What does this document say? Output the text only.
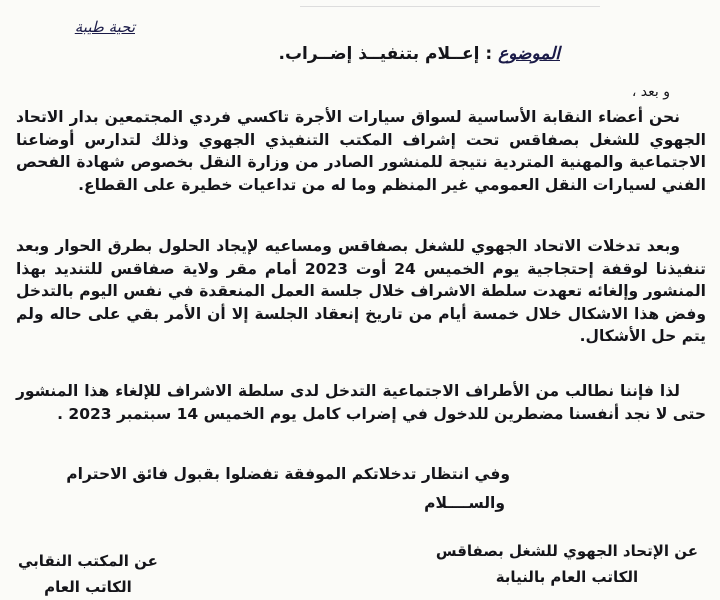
تحية طيبة
الموضوع : إعــلام بتنفيــذ إضــراب.
و بعد ،
نحن أعضاء النقابة الأساسية لسواق سيارات الأجرة تاكسي فردي المجتمعين بدار الاتحاد الجهوي للشغل بصفاقس تحت إشراف المكتب التنفيذي الجهوي وذلك لتدارس أوضاعنا الاجتماعية والمهنية المتردية نتيجة للمنشور الصادر من وزارة النقل بخصوص شهادة الفحص الفني لسيارات النقل العمومي غير المنظم وما له من تداعيات خطيرة على القطاع.
وبعد تدخلات الاتحاد الجهوي للشغل بصفاقس ومساعيه لإيجاد الحلول بطرق الحوار وبعد تنفيذنا لوقفة إحتجاجية يوم الخميس 24 أوت 2023 أمام مقر ولاية صفاقس للتنديد بهذا المنشور وإلغائه تعهدت سلطة الاشراف خلال جلسة العمل المنعقدة في نفس اليوم بالتدخل وفض هذا الاشكال خلال خمسة أيام من تاريخ إنعقاد الجلسة إلا أن الأمر بقي على حاله ولم يتم حل الأشكال.
لذا فإننا نطالب من الأطراف الاجتماعية التدخل لدى سلطة الاشراف للإلغاء هذا المنشور حتى لا نجد أنفسنا مضطرين للدخول في إضراب كامل يوم الخميس 14 سبتمبر 2023 .
وفي انتظار تدخلاتكم الموفقة تفضلوا بقبول فائق الاحترام
والســــلام
عن الإتحاد الجهوي للشغل بصفاقس
الكاتب العام بالنيابة
عن المكتب النقابي
الكاتب العام
